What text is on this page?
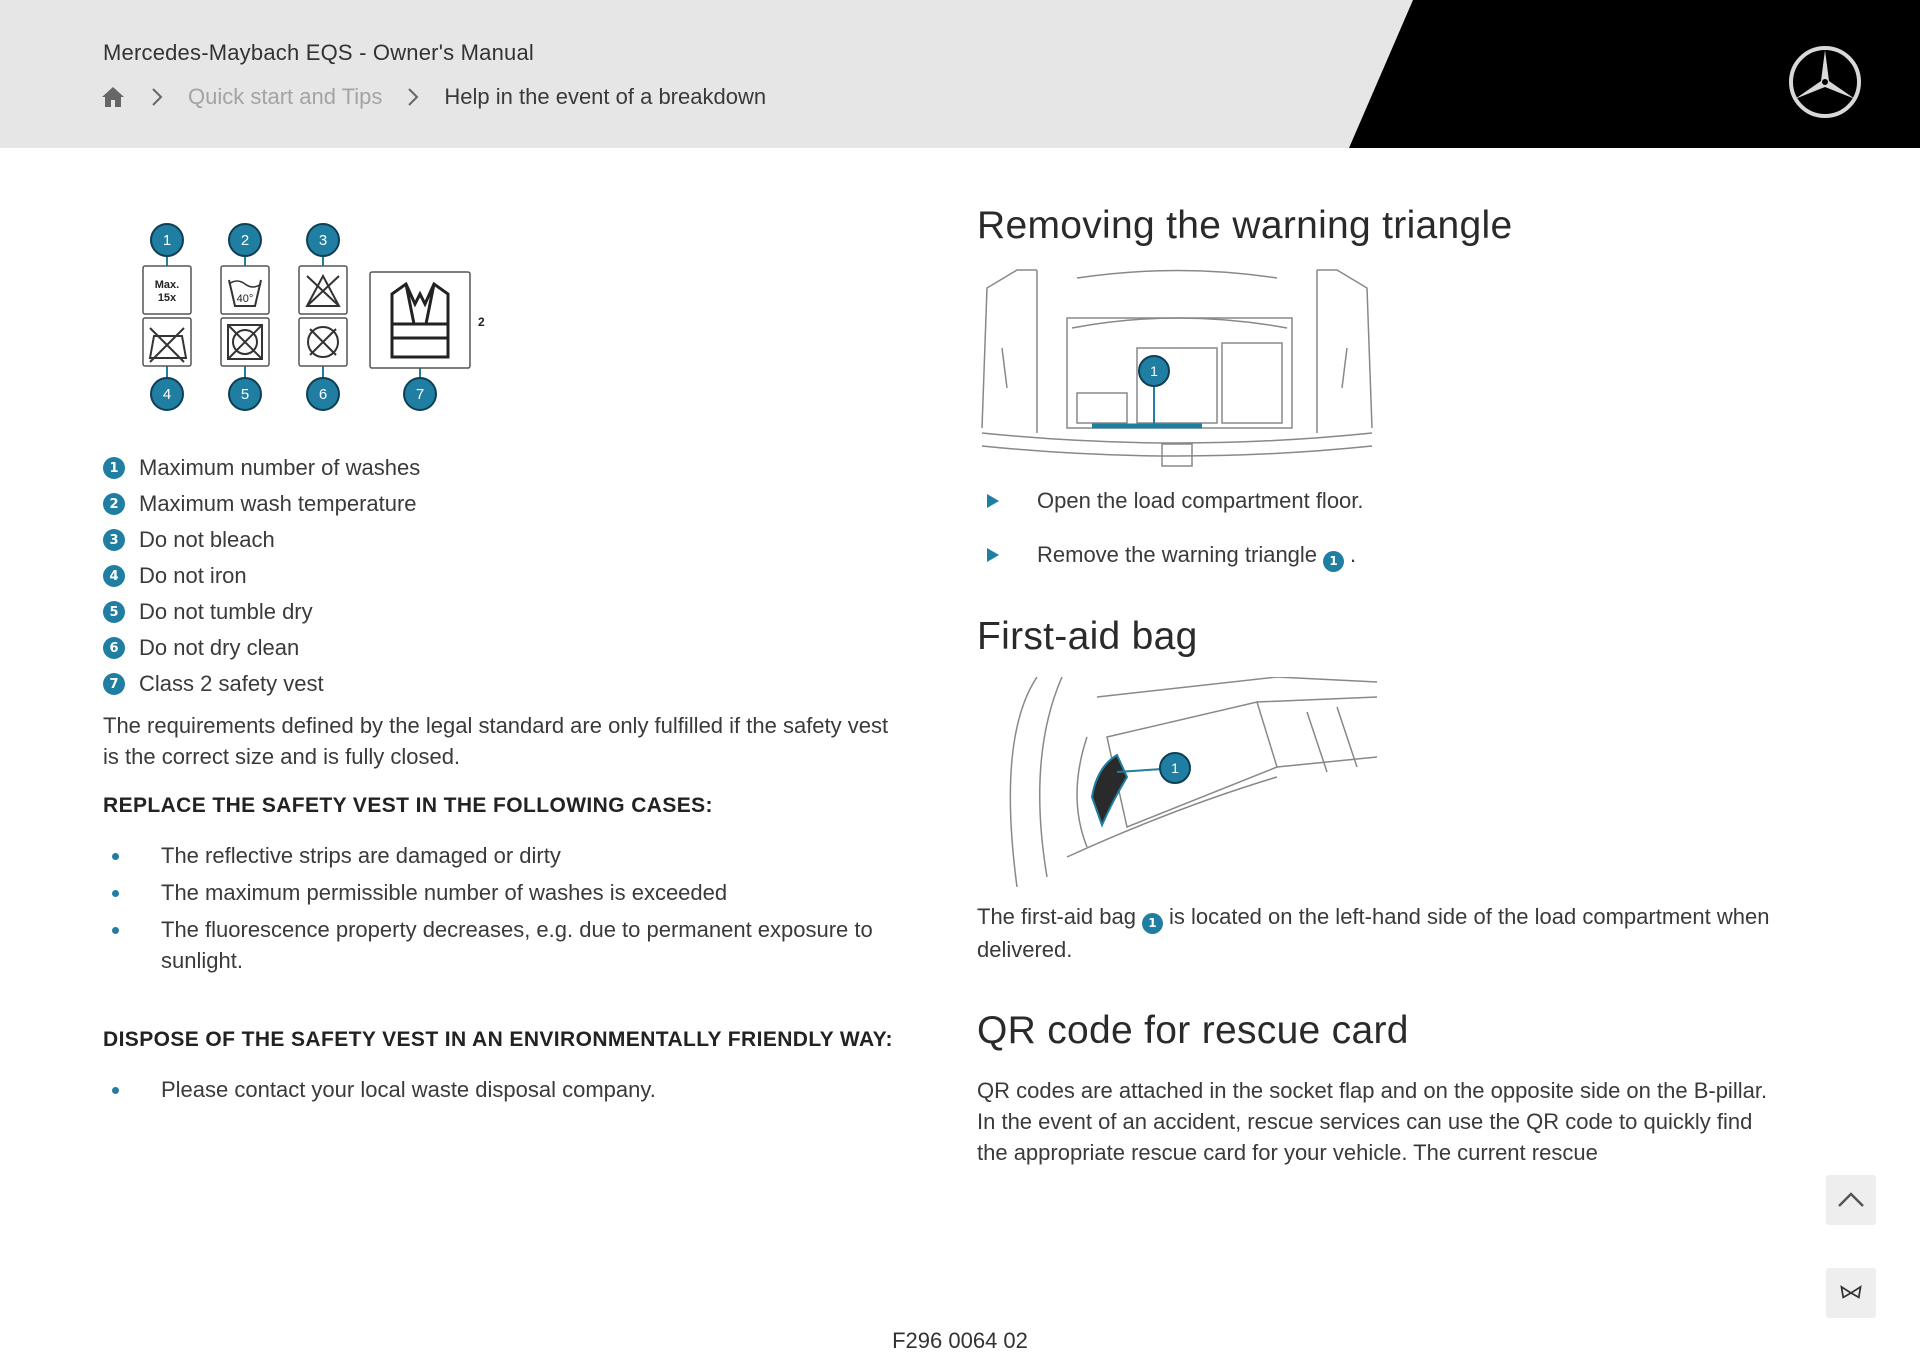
Mercedes-Maybach EQS - Owner's Manual
Quick start and Tips	Help in the event of a breakdown
Max.
15x	40°
2
1	2	3
4	5	6	7
1 Maximum number of washes
2 Maximum wash temperature
3 Do not bleach
4 Do not iron
5 Do not tumble dry
6 Do not dry clean
7 Class 2 safety vest

The requirements defined by the legal standard are only fulfilled if the safety vest is the correct size and is fully closed.

REPLACE THE SAFETY VEST IN THE FOLLOWING CASES:
The reflective strips are damaged or dirty
The maximum permissible number of washes is exceeded
The fluorescence property decreases, e.g. due to permanent exposure to sunlight.
DISPOSE OF THE SAFETY VEST IN AN ENVIRONMENTALLY FRIENDLY WAY:
Please contact your local waste disposal company.
Removing the warning triangle
1
Open the load compartment floor.
Remove the warning triangle 1 .
First-aid bag
1

The first-aid bag 1 is located on the left-hand side of the load compartment when delivered.

QR code for rescue card

QR codes are attached in the socket flap and on the opposite side on the B-pillar. In the event of an accident, rescue services can use the QR code to quickly find the appropriate rescue card for your vehicle. The current rescue

F296 0064 02
